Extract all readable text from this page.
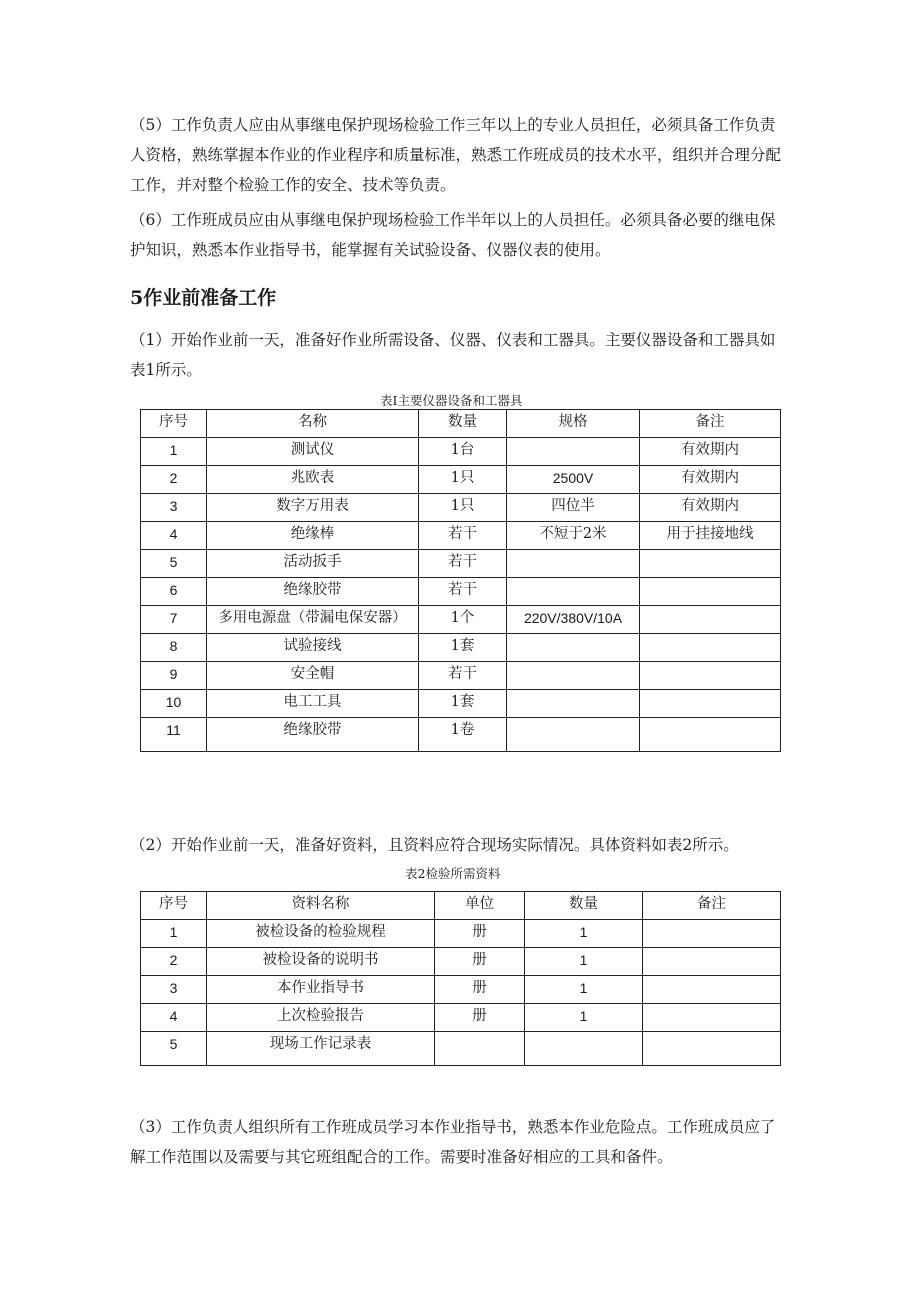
（5）工作负责人应由从事继电保护现场检验工作三年以上的专业人员担任，必须具备工作负责人资格，熟练掌握本作业的作业程序和质量标准，熟悉工作班成员的技术水平，组织并合理分配工作，并对整个检验工作的安全、技术等负责。

（6）工作班成员应由从事继电保护现场检验工作半年以上的人员担任。必须具备必要的继电保护知识，熟悉本作业指导书，能掌握有关试验设备、仪器仪表的使用。

5作业前准备工作

（1）开始作业前一天，准备好作业所需设备、仪器、仪表和工器具。主要仪器设备和工器具如表1所示。

表I主要仪器设备和工器具

序号	名称	数量	规格	备注
1	测试仪	1台		有效期内
2	兆欧表	1只	2500V	有效期内
3	数字万用表	1只	四位半	有效期内
4	绝缘棒	若干	不短于2米	用于挂接地线
5	活动扳手	若干		
6	绝缘胶带	若干		
7	多用电源盘（带漏电保安器）	1个	220V/380V/10A	
8	试验接线	1套		
9	安全帽	若干		
10	电工工具	1套		
11	绝缘胶带	1卷		

（2）开始作业前一天，准备好资料，且资料应符合现场实际情况。具体资料如表2所示。

表2检验所需资料

序号	资料名称	单位	数量	备注
1	被检设备的检验规程	册	1	
2	被检设备的说明书	册	1	
3	本作业指导书	册	1	
4	上次检验报告	册	1	
5	现场工作记录表			

（3）工作负责人组织所有工作班成员学习本作业指导书，熟悉本作业危险点。工作班成员应了解工作范围以及需要与其它班组配合的工作。需要时准备好相应的工具和备件。
